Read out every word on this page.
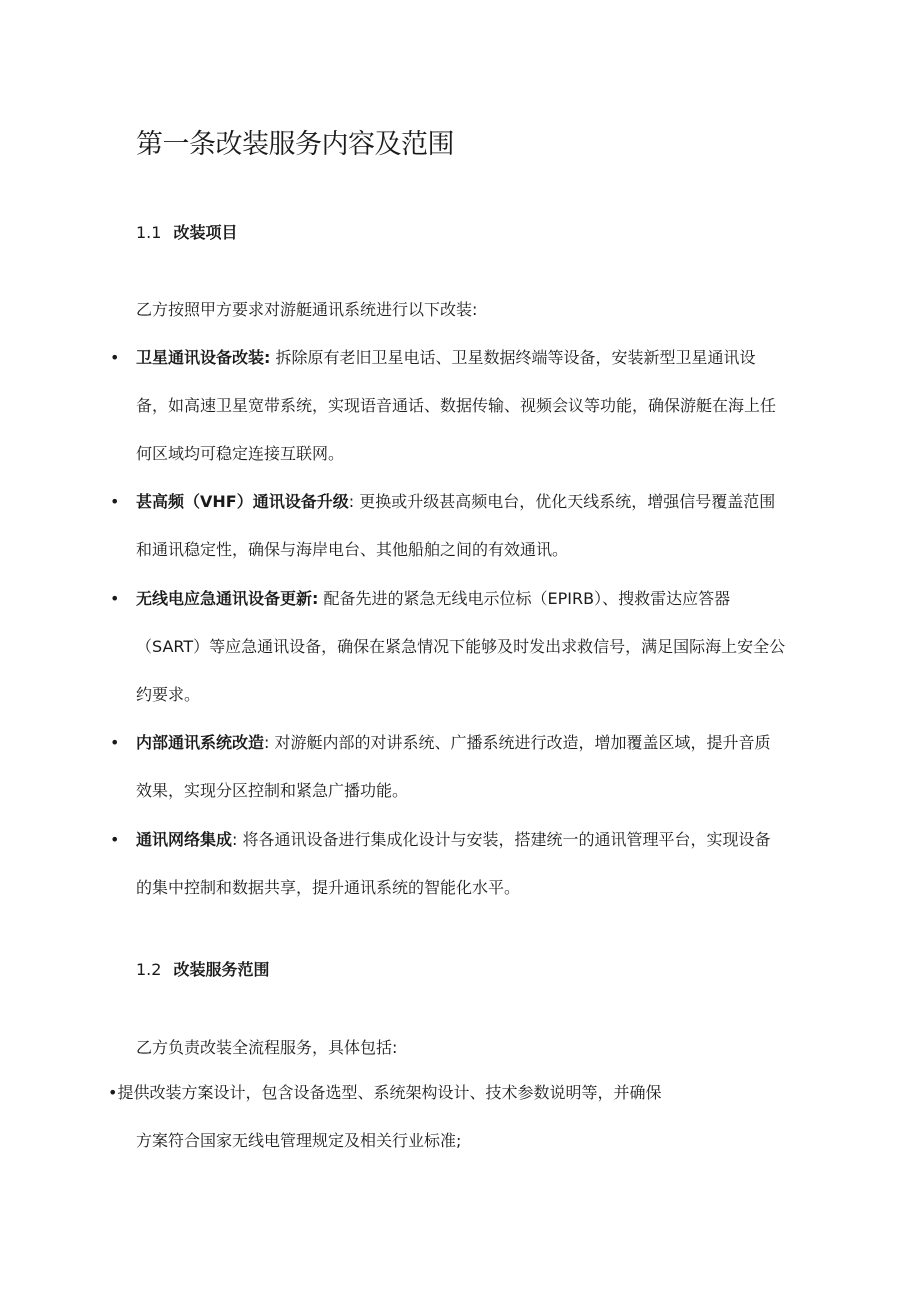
第一条改装服务内容及范围
1.1 改装项目
乙方按照甲方要求对游艇通讯系统进行以下改装:
• 卫星通讯设备改装: 拆除原有老旧卫星电话、卫星数据终端等设备，安装新型卫星通讯设备，如高速卫星宽带系统，实现语音通话、数据传输、视频会议等功能，确保游艇在海上任何区域均可稳定连接互联网。
• 甚高频（VHF）通讯设备升级: 更换或升级甚高频电台，优化天线系统，增强信号覆盖范围和通讯稳定性，确保与海岸电台、其他船舶之间的有效通讯。
• 无线电应急通讯设备更新: 配备先进的紧急无线电示位标（EPIRB）、搜救雷达应答器（SART）等应急通讯设备，确保在紧急情况下能够及时发出求救信号，满足国际海上安全公约要求。
• 内部通讯系统改造: 对游艇内部的对讲系统、广播系统进行改造，增加覆盖区域，提升音质效果，实现分区控制和紧急广播功能。
• 通讯网络集成: 将各通讯设备进行集成化设计与安装，搭建统一的通讯管理平台，实现设备的集中控制和数据共享，提升通讯系统的智能化水平。
1.2 改装服务范围
乙方负责改装全流程服务，具体包括:
•提供改装方案设计，包含设备选型、系统架构设计、技术参数说明等，并确保
方案符合国家无线电管理规定及相关行业标准;
